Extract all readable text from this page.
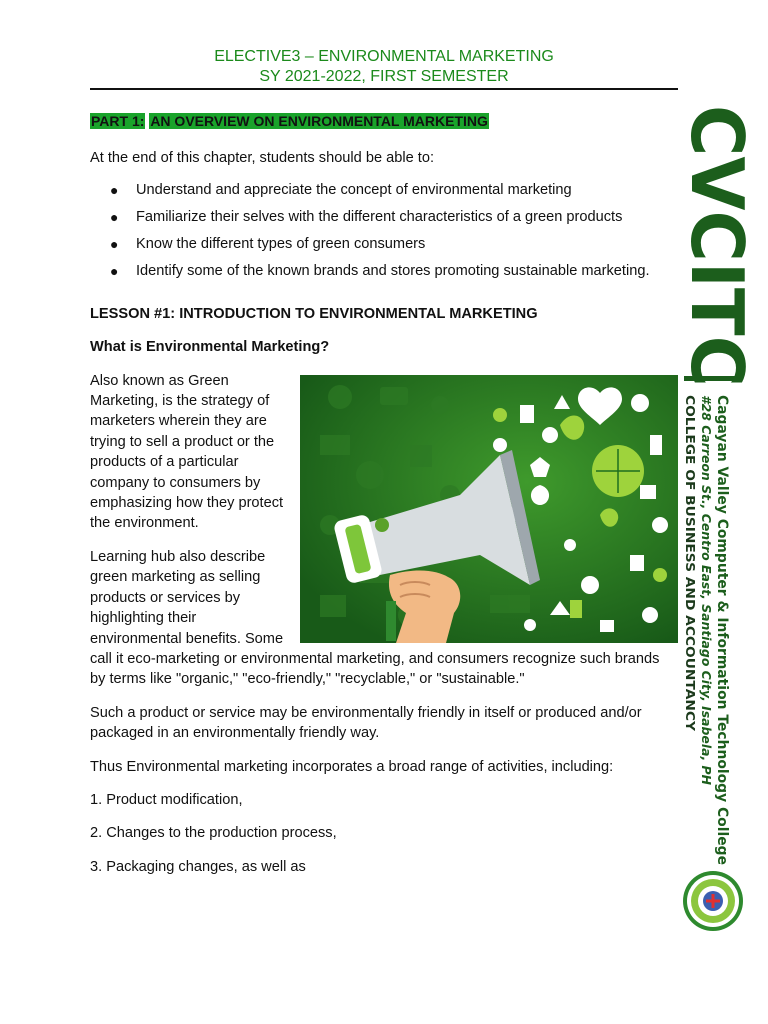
ELECTIVE3 – ENVIRONMENTAL MARKETING
SY 2021-2022, FIRST SEMESTER
PART 1: AN OVERVIEW ON ENVIRONMENTAL MARKETING

At the end of this chapter, students should be able to:

● Understand and appreciate the concept of environmental marketing
● Familiarize their selves with the different characteristics of a green products
● Know the different types of green consumers
● Identify some of the known brands and stores promoting sustainable marketing.

LESSON #1: INTRODUCTION TO ENVIRONMENTAL MARKETING

What is Environmental Marketing?

Also known as Green Marketing, is the strategy of marketers wherein they are trying to sell a product or the products of a particular company to consumers by emphasizing how they protect the environment.

Learning hub also describe green marketing as selling products or services by highlighting their environmental benefits. Some call it eco-marketing or environmental marketing, and consumers recognize such brands by terms like "organic," "eco-friendly," "recyclable," or "sustainable."

Such a product or service may be environmentally friendly in itself or produced and/or packaged in an environmentally friendly way.

Thus Environmental marketing incorporates a broad range of activities, including:

1. Product modification,

2. Changes to the production process,

3. Packaging changes, as well as

CVCITC
Cagayan Valley Computer & Information Technology College
#28 Carreon St., Centro East, Santiago City, Isabela, PH
COLLEGE OF BUSINESS AND ACCOUNTANCY
